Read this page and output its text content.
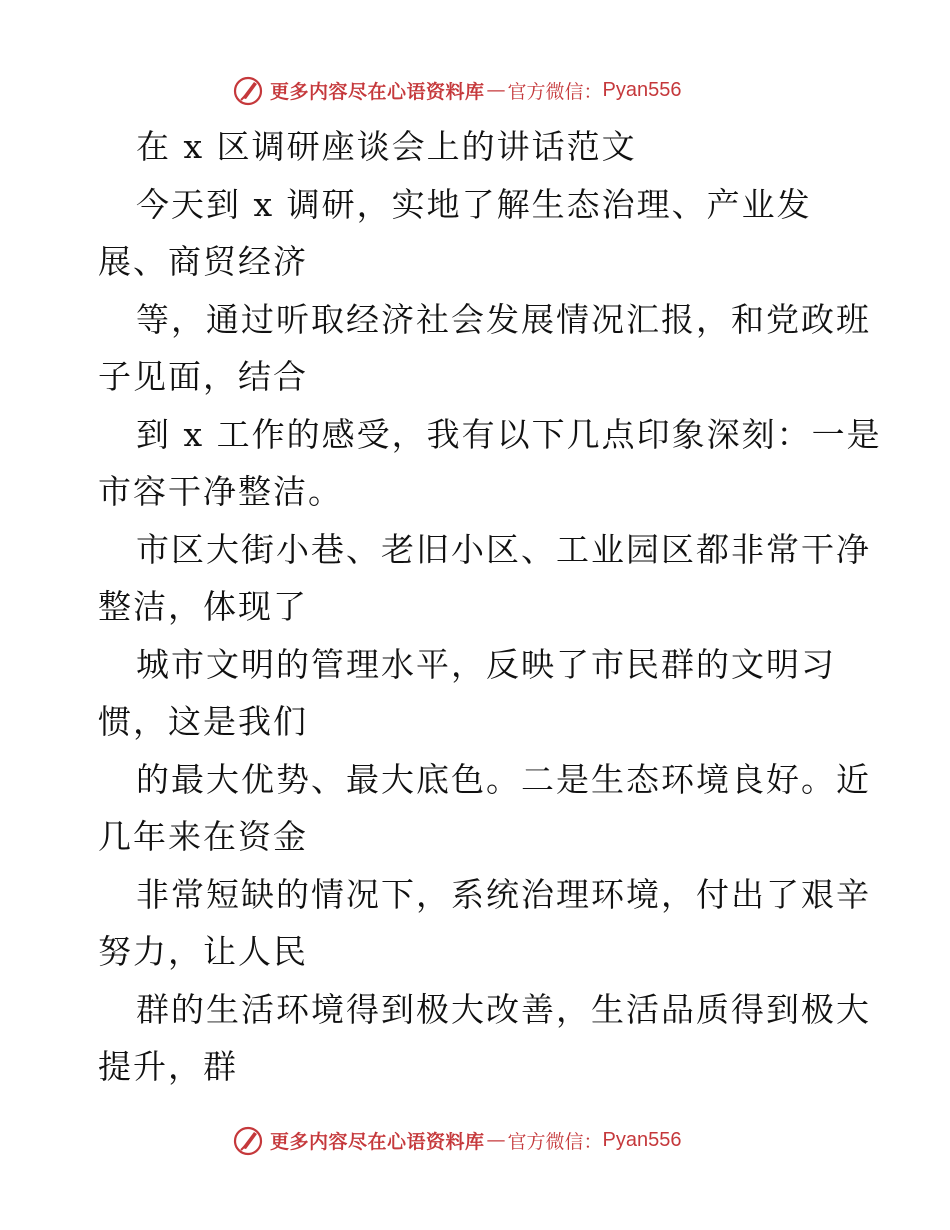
更多内容尽在心语资料库 — 官方微信： Pyan556
在 x 区调研座谈会上的讲话范文
今天到 x 调研，实地了解生态治理、产业发
展、商贸经济
等，通过听取经济社会发展情况汇报，和党政班
子见面，结合
到 x 工作的感受，我有以下几点印象深刻：一是
市容干净整洁。
市区大街小巷、老旧小区、工业园区都非常干净
整洁，体现了
城市文明的管理水平，反映了市民群的文明习
惯，这是我们
的最大优势、最大底色。二是生态环境良好。近
几年来在资金
非常短缺的情况下，系统治理环境，付出了艰辛
努力，让人民
群的生活环境得到极大改善，生活品质得到极大
提升，群
更多内容尽在心语资料库 — 官方微信： Pyan556
